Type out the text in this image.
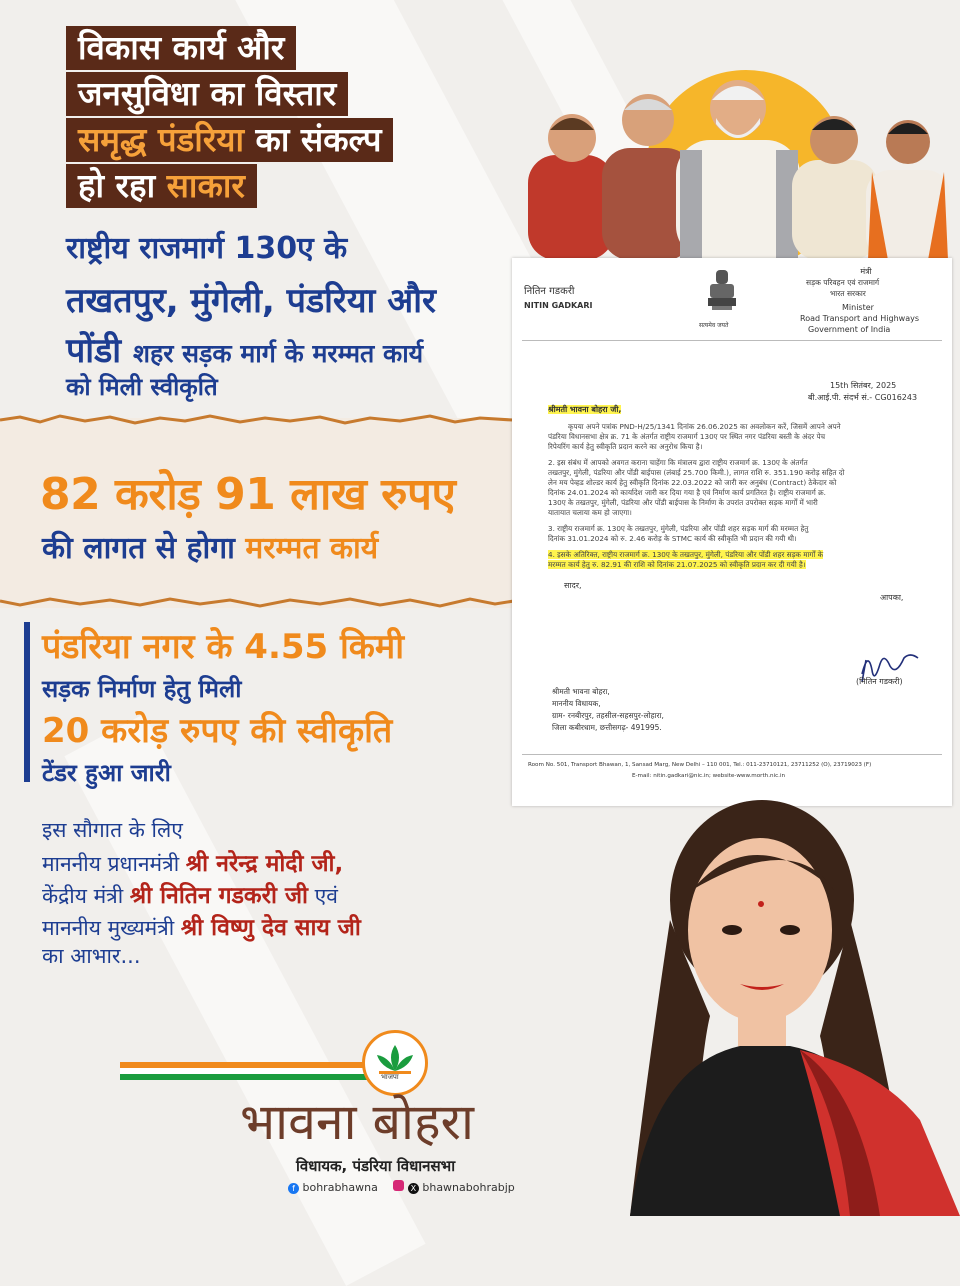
विकास कार्य और
जनसुविधा का विस्तार
समृद्ध पंडरिया का संकल्प
हो रहा साकार
राष्ट्रीय राजमार्ग 130ए के
तखतपुर, मुंगेली, पंडरिया और
पोंडी शहर सड़क मार्ग के मरम्मत कार्य
को मिली स्वीकृति
82 करोड़ 91 लाख रुपए
की लागत से होगा मरम्मत कार्य
पंडरिया नगर के 4.55 किमी
सड़क निर्माण हेतु मिली
20 करोड़ रुपए की स्वीकृति
टेंडर हुआ जारी
इस सौगात के लिए
माननीय प्रधानमंत्री श्री नरेन्द्र मोदी जी,
केंद्रीय मंत्री श्री नितिन गडकरी जी एवं
माननीय मुख्यमंत्री श्री विष्णु देव साय जी
का आभार...
नितिन गडकरी
NITIN GADKARI
सत्यमेव जयते
मंत्री
सड़क परिवहन एवं राजमार्ग
भारत सरकार
Minister
Road Transport and Highways
Government of India
15th सितंबर, 2025
बी.आई.पी. संदर्भ सं.- CG016243
श्रीमती भावना बोहरा जी,
कृपया अपने पत्रांक PND-H/25/1341 दिनांक 26.06.2025 का अवलोकन करें, जिसमें आपने अपने
पंडरिया विधानसभा क्षेत्र क्र. 71 के अंतर्गत राष्ट्रीय राजमार्ग 130ए पर स्थित नगर पंडरिया बस्ती के अंदर पेच
रिपेयरिंग कार्य हेतु स्वीकृति प्रदान करने का अनुरोध किया है।
2. इस संबंध में आपको अवगत कराना चाहेंगा कि मंत्रालय द्वारा राष्ट्रीय राजमार्ग क्र. 130ए के अंतर्गत
तखतपुर, मुंगेली, पंडरिया और पोंडी बाईपास (लंबाई 25.700 किमी.), लागत राशि रु. 351.190 करोड़ सहित दो
लेन मय पेव्हड शोल्डर कार्य हेतु स्वीकृति दिनांक 22.03.2022 को जारी कर अनुबंध (Contract) ठेकेदार को
दिनांक 24.01.2024 को कार्यादेश जारी कर दिया गया है एवं निर्माण कार्य प्रगतिरत है। राष्ट्रीय राजमार्ग क्र.
130ए के तखतपुर, मुंगेली, पंडरिया और पोंडी बाईपास के निर्माण के उपरांत उपरोक्त सड़क मार्गों में भारी
यातायात चलाया कम हो जाएगा।
3. राष्ट्रीय राजमार्ग क्र. 130ए के तखतपुर, मुंगेली, पंडरिया और पोंडी शहर सड़क मार्ग की मरम्मत हेतु
दिनांक 31.01.2024 को रु. 2.46 करोड़ के STMC कार्य की स्वीकृति भी प्रदान की गयी थी।
4. इसके अतिरिक्त, राष्ट्रीय राजमार्ग क्र. 130ए के तखतपुर, मुंगेली, पंडरिया और पोंडी शहर सड़क मार्गों के
मरम्मत कार्य हेतु रु. 82.91 की राशि को दिनांक 21.07.2025 को स्वीकृति प्रदान कर दी गयी है।
सादर,
आपका,
(नितिन गडकरी)
श्रीमती भावना बोहरा,
माननीय विधायक,
ग्राम- रनबीरपुर, तहसील-सहसपुर-लोहारा,
जिला कबीरधाम, छत्तीसगढ़- 491995.
Room No. 501, Transport Bhawan, 1, Sansad Marg, New Delhi – 110 001, Tel.: 011-23710121, 23711252 (O), 23719023 (F)
E-mail: nitin.gadkari@nic.in; website-www.morth.nic.in
भाजपा
भावना बोहरा
विधायक, पंडरिया विधानसभा
f bohrabhawna	X bhawnabohrabjp
